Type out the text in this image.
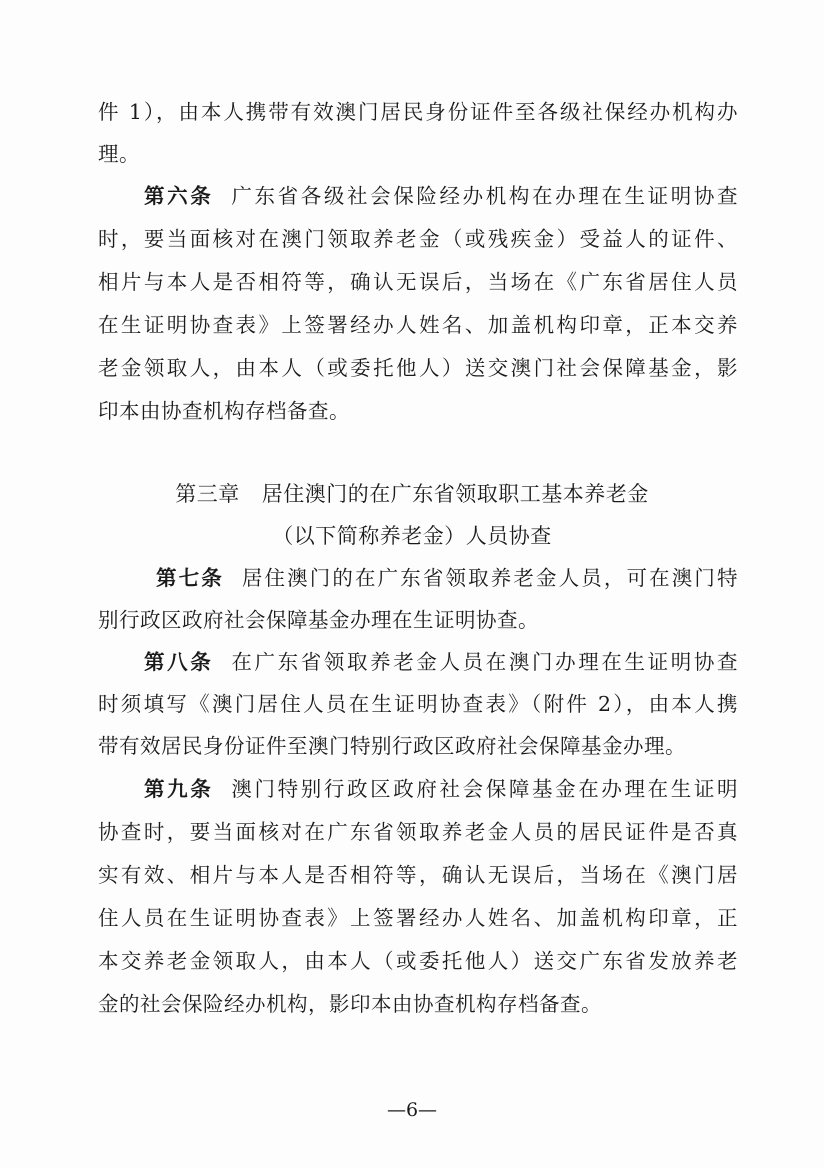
件 1），由本人携带有效澳门居民身份证件至各级社保经办机构办
理。
第六条 广东省各级社会保险经办机构在办理在生证明协查
时，要当面核对在澳门领取养老金（或残疾金）受益人的证件、
相片与本人是否相符等，确认无误后，当场在《广东省居住人员
在生证明协查表》上签署经办人姓名、加盖机构印章，正本交养
老金领取人，由本人（或委托他人）送交澳门社会保障基金，影
印本由协查机构存档备查。
第三章 居住澳门的在广东省领取职工基本养老金
（以下简称养老金）人员协查
第七条 居住澳门的在广东省领取养老金人员，可在澳门特
别行政区政府社会保障基金办理在生证明协查。
第八条 在广东省领取养老金人员在澳门办理在生证明协查
时须填写《澳门居住人员在生证明协查表》（附件 2），由本人携
带有效居民身份证件至澳门特别行政区政府社会保障基金办理。
第九条 澳门特别行政区政府社会保障基金在办理在生证明
协查时，要当面核对在广东省领取养老金人员的居民证件是否真
实有效、相片与本人是否相符等，确认无误后，当场在《澳门居
住人员在生证明协查表》上签署经办人姓名、加盖机构印章，正
本交养老金领取人，由本人（或委托他人）送交广东省发放养老
金的社会保险经办机构，影印本由协查机构存档备查。
—6—
